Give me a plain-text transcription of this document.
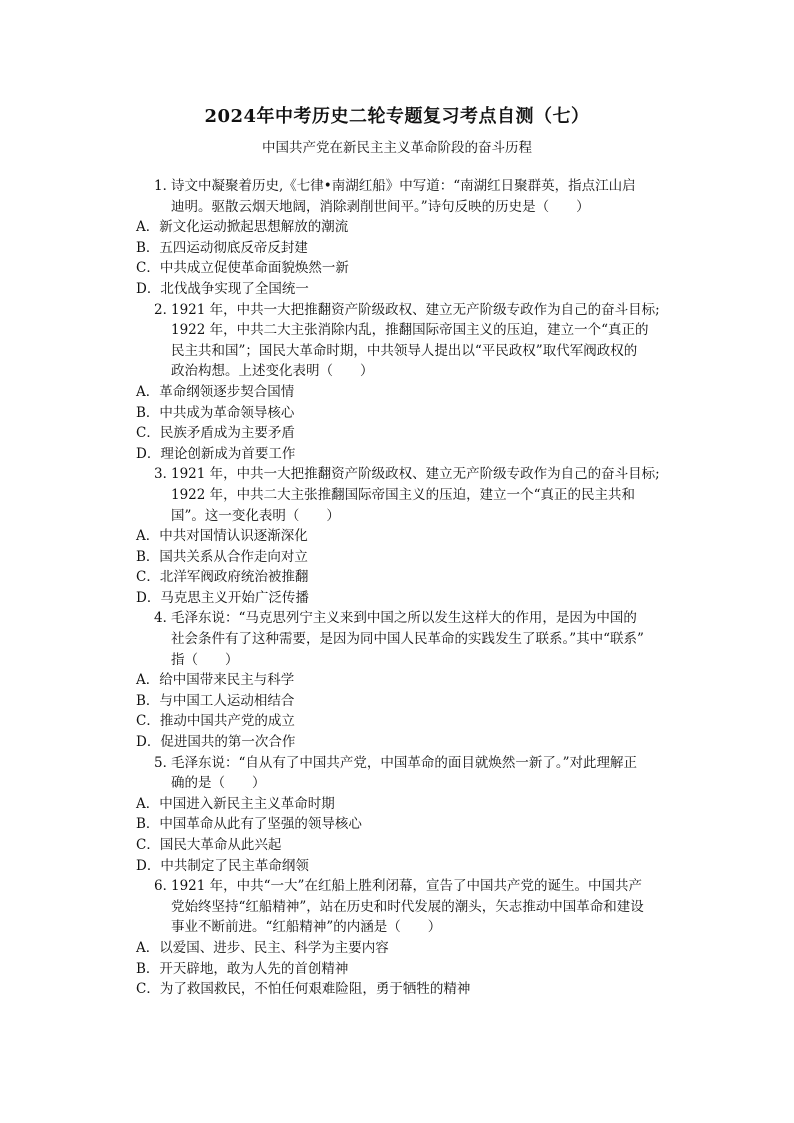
2024年中考历史二轮专题复习考点自测（七）

中国共产党在新民主主义革命阶段的奋斗历程

1．
诗文中凝聚着历史,《七律•南湖红船》中写道：“南湖红日聚群英，指点江山启
迪明。驱散云烟天地阔，消除剥削世间平。”诗句反映的历史是（　　）
A．新文化运动掀起思想解放的潮流
B．五四运动彻底反帝反封建
C．中共成立促使革命面貌焕然一新
D．北伐战争实现了全国统一
2．
1921 年，中共一大把推翻资产阶级政权、建立无产阶级专政作为自己的奋斗目标;
1922 年，中共二大主张消除内乱，推翻国际帝国主义的压迫，建立一个“真正的
民主共和国”；国民大革命时期，中共领导人提出以“平民政权”取代军阀政权的
政治构想。上述变化表明（　　）
A．革命纲领逐步契合国情
B．中共成为革命领导核心
C．民族矛盾成为主要矛盾
D．理论创新成为首要工作
3．
1921 年，中共一大把推翻资产阶级政权、建立无产阶级专政作为自己的奋斗目标;
1922 年，中共二大主张推翻国际帝国主义的压迫，建立一个“真正的民主共和
国”。这一变化表明（　　）
A．中共对国情认识逐渐深化
B．国共关系从合作走向对立
C．北洋军阀政府统治被推翻
D．马克思主义开始广泛传播
4．
毛泽东说：“马克思列宁主义来到中国之所以发生这样大的作用，是因为中国的
社会条件有了这种需要，是因为同中国人民革命的实践发生了联系。”其中“联系”
指（　　）
A．给中国带来民主与科学
B．与中国工人运动相结合
C．推动中国共产党的成立
D．促进国共的第一次合作
5．
毛泽东说：“自从有了中国共产党，中国革命的面目就焕然一新了。”对此理解正
确的是（　　）
A．中国进入新民主主义革命时期
B．中国革命从此有了坚强的领导核心
C．国民大革命从此兴起
D．中共制定了民主革命纲领
6．
1921 年，中共“一大”在红船上胜利闭幕，宣告了中国共产党的诞生。中国共产
党始终坚持“红船精神”，站在历史和时代发展的潮头，矢志推动中国革命和建设
事业不断前进。“红船精神”的内涵是（　　）
A．以爱国、进步、民主、科学为主要内容
B．开天辟地，敢为人先的首创精神
C．为了救国救民，不怕任何艰难险阻，勇于牺牲的精神
